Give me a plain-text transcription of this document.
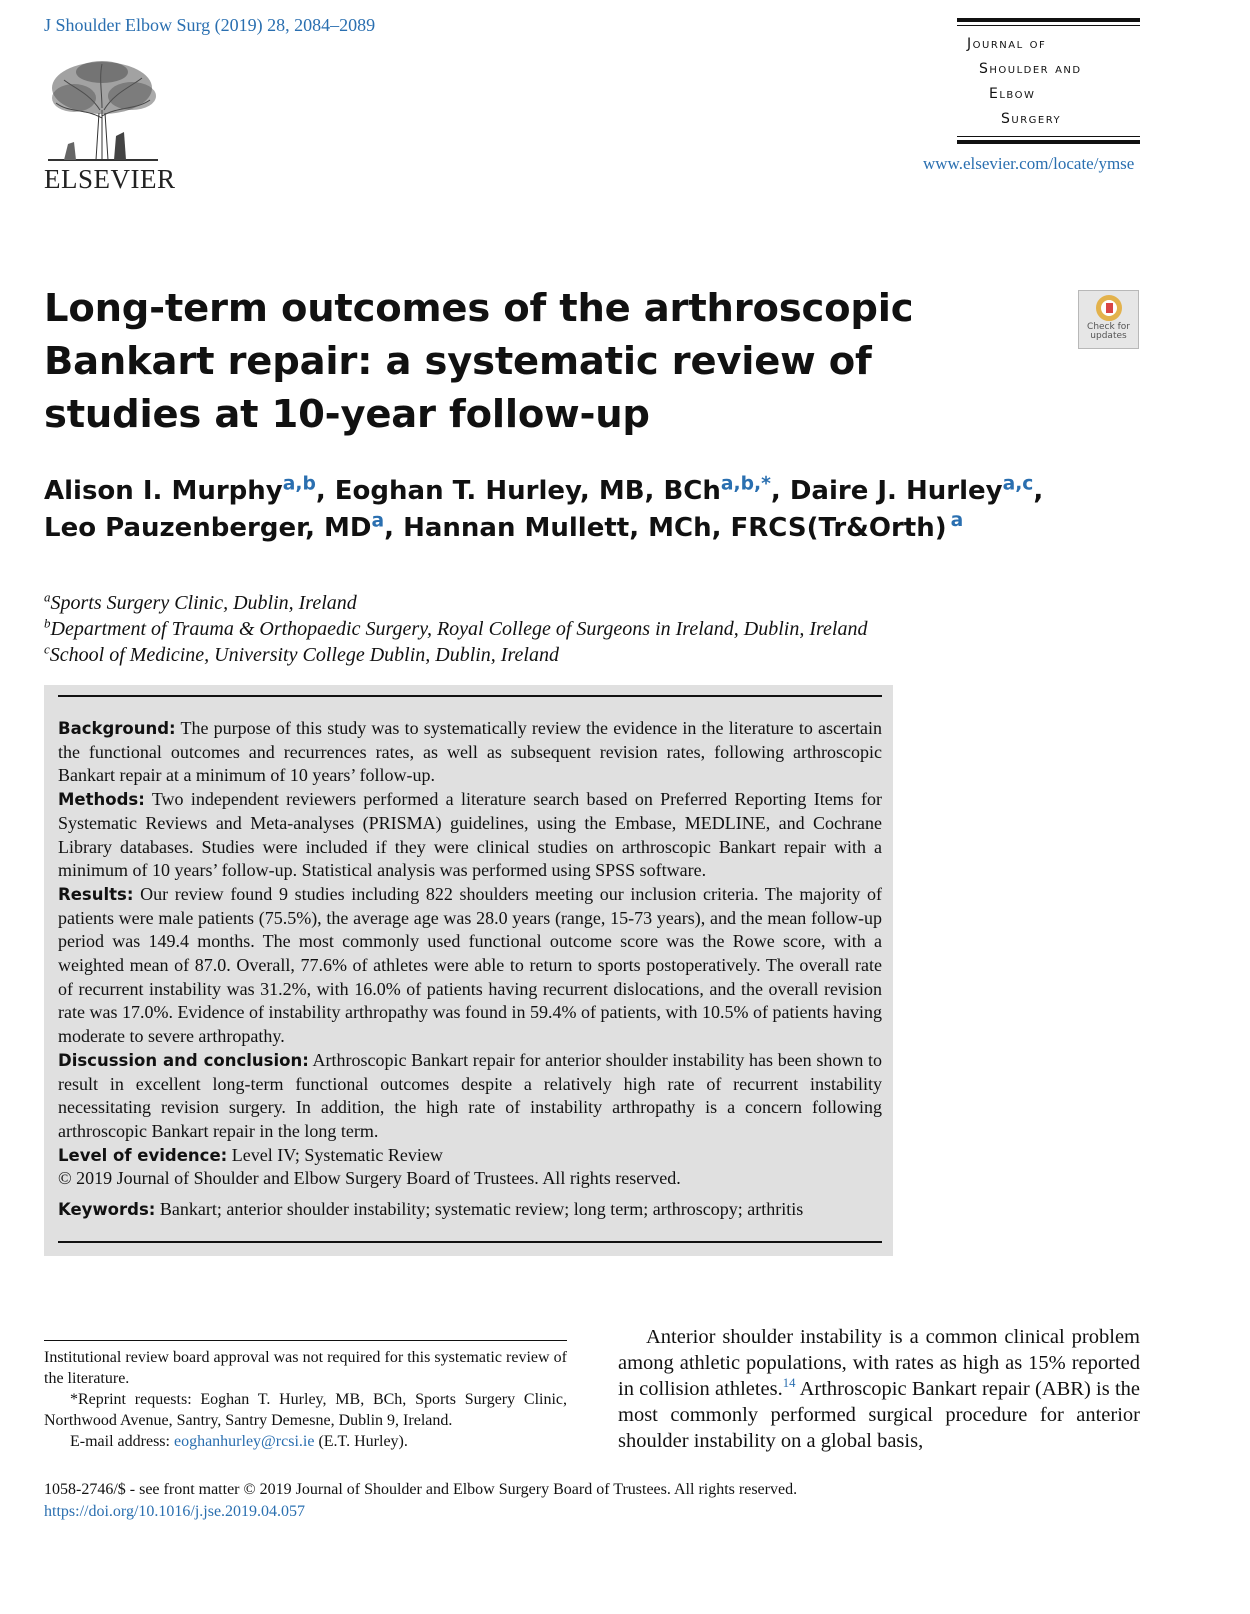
J Shoulder Elbow Surg (2019) 28, 2084–2089
ELSEVIER
Journal of
Shoulder and
Elbow
Surgery
www.elsevier.com/locate/ymse
Long-term outcomes of the arthroscopic Bankart repair: a systematic review of studies at 10-year follow-up
Check for
updates
Alison I. Murphy$^{a,b}$, Eoghan T. Hurley, MB, BCh$^{a,b,*}$, Daire J. Hurley$^{a,c}$,
Leo Pauzenberger, $MD^a$, Hannan Mullett, MCh, FRCS(Tr&Orth) $^a$
$^a$Sports Surgery Clinic, Dublin, Ireland
$^b$Department of Trauma & Orthopaedic Surgery, Royal College of Surgeons in Ireland, Dublin, Ireland
$^c$School of Medicine, University College Dublin, Dublin, Ireland
Background: The purpose of this study was to systematically review the evidence in the literature to ascertain the functional outcomes and recurrences rates, as well as subsequent revision rates, following arthroscopic Bankart repair at a minimum of 10 years’ follow-up.
Methods: Two independent reviewers performed a literature search based on Preferred Reporting Items for Systematic Reviews and Meta-analyses (PRISMA) guidelines, using the Embase, MEDLINE, and Cochrane Library databases. Studies were included if they were clinical studies on arthroscopic Bankart repair with a minimum of 10 years’ follow-up. Statistical analysis was performed using SPSS software.
Results: Our review found 9 studies including 822 shoulders meeting our inclusion criteria. The majority of patients were male patients (75.5%), the average age was 28.0 years (range, 15-73 years), and the mean follow-up period was 149.4 months. The most commonly used functional outcome score was the Rowe score, with a weighted mean of 87.0. Overall, 77.6% of athletes were able to return to sports postoperatively. The overall rate of recurrent instability was 31.2%, with 16.0% of patients having recurrent dislocations, and the overall revision rate was 17.0%. Evidence of instability arthropathy was found in 59.4% of patients, with 10.5% of patients having moderate to severe arthropathy.
Discussion and conclusion: Arthroscopic Bankart repair for anterior shoulder instability has been shown to result in excellent long-term functional outcomes despite a relatively high rate of recurrent instability necessitating revision surgery. In addition, the high rate of instability arthropathy is a concern following arthroscopic Bankart repair in the long term.
Level of evidence: Level IV; Systematic Review
© 2019 Journal of Shoulder and Elbow Surgery Board of Trustees. All rights reserved.
Keywords: Bankart; anterior shoulder instability; systematic review; long term; arthroscopy; arthritis

Institutional review board approval was not required for this systematic review of the literature.

*Reprint requests: Eoghan T. Hurley, MB, BCh, Sports Surgery Clinic, Northwood Avenue, Santry, Santry Demesne, Dublin 9, Ireland.

E-mail address: eoghanhurley@rcsi.ie (E.T. Hurley).

Anterior shoulder instability is a common clinical problem among athletic populations, with rates as high as 15% reported in collision athletes.$^{14}$ Arthroscopic Bankart repair (ABR) is the most commonly performed surgical procedure for anterior shoulder instability on a global basis,

1058-2746/$ - see front matter © 2019 Journal of Shoulder and Elbow Surgery Board of Trustees. All rights reserved.
https://doi.org/10.1016/j.jse.2019.04.057
